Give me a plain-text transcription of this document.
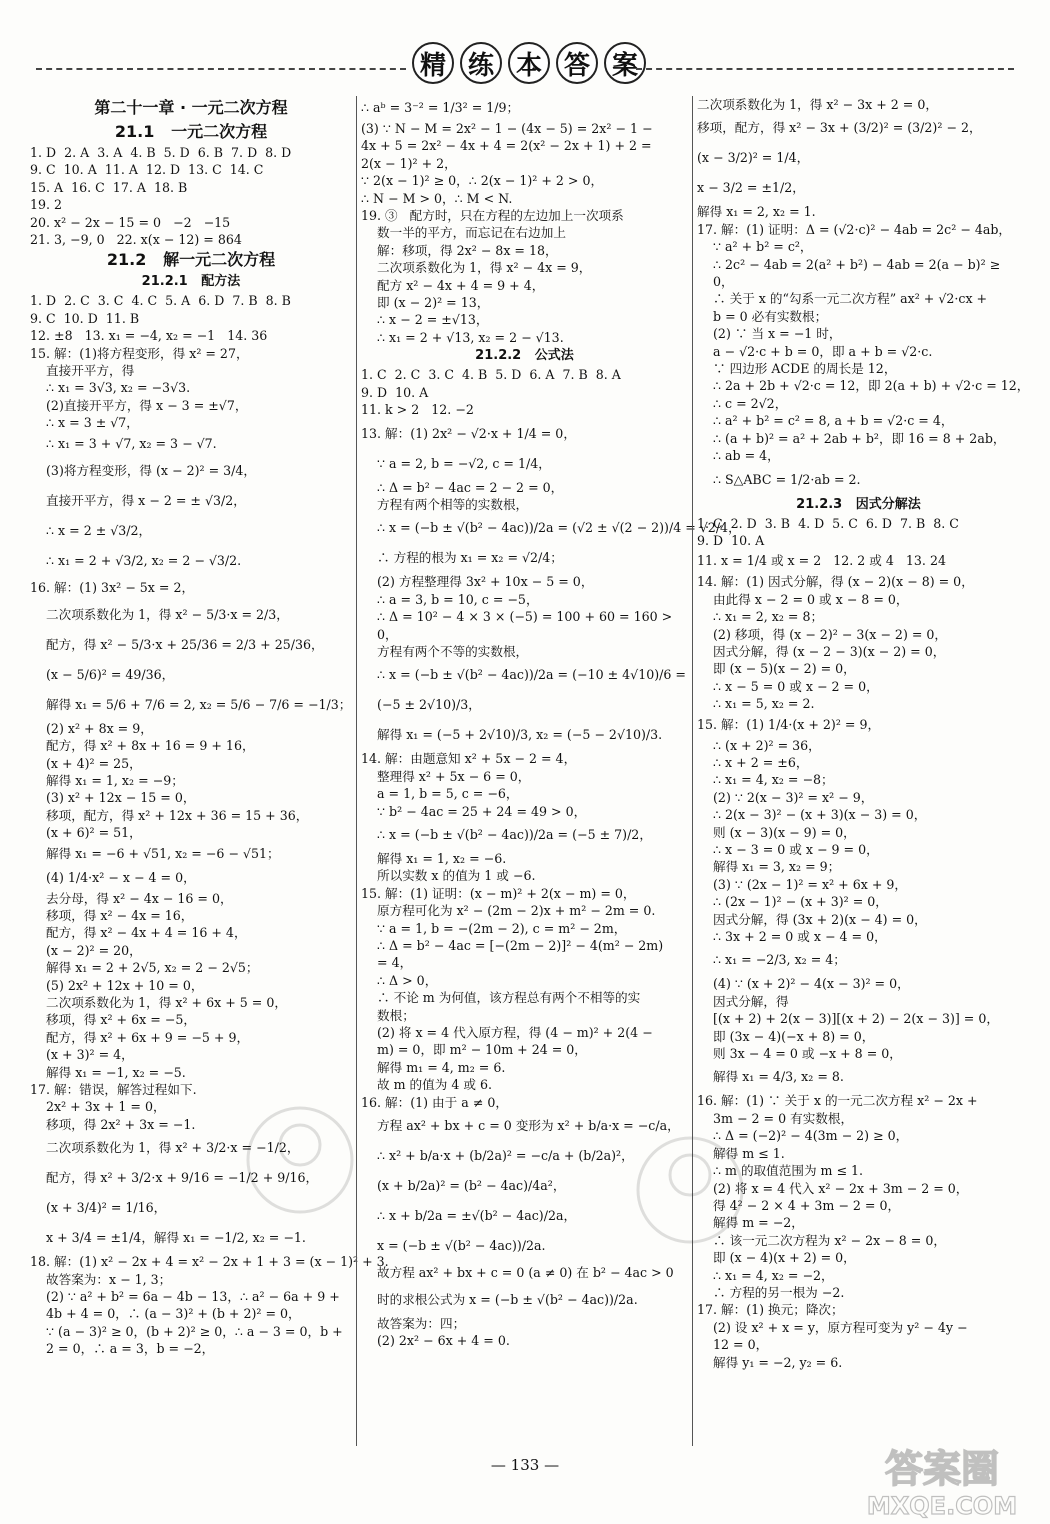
精 练 本 答 案
第二十一章 · 一元二次方程
21.1   一元二次方程
1. D  2. A  3. A  4. B  5. D  6. B  7. D  8. D
9. C  10. A  11. A  12. D  13. C  14. C
15. A  16. C  17. A  18. B
19. 2
20. x² − 2x − 15 = 0   −2   −15
21. 3, −9, 0   22. x(x − 12) = 864
21.2   解一元二次方程
21.2.1   配方法
1. D  2. C  3. C  4. C  5. A  6. D  7. B  8. B
9. C  10. D  11. B
12. ±8   13. x₁ = −4, x₂ = −1   14. 36
15. 解：(1)将方程变形，得 x² = 27，
直接开平方，得
∴ x₁ = 3√3, x₂ = −3√3.
(2)直接开平方，得 x − 3 = ±√7，
∴ x = 3 ± √7，
∴ x₁ = 3 + √7, x₂ = 3 − √7.
(3)将方程变形，得 (x − 2)² = 3/4，
直接开平方，得 x − 2 = ± √3/2，
∴ x = 2 ± √3/2，
∴ x₁ = 2 + √3/2, x₂ = 2 − √3/2.
16. 解：(1) 3x² − 5x = 2，
二次项系数化为 1，得 x² − 5/3·x = 2/3，
配方，得 x² − 5/3·x + 25/36 = 2/3 + 25/36，
(x − 5/6)² = 49/36，
解得 x₁ = 5/6 + 7/6 = 2, x₂ = 5/6 − 7/6 = −1/3；
(2) x² + 8x = 9，
配方，得 x² + 8x + 16 = 9 + 16，
(x + 4)² = 25，
解得 x₁ = 1, x₂ = −9；
(3) x² + 12x − 15 = 0，
移项，配方，得 x² + 12x + 36 = 15 + 36，
(x + 6)² = 51，
解得 x₁ = −6 + √51, x₂ = −6 − √51；
(4) 1/4·x² − x − 4 = 0，
去分母，得 x² − 4x − 16 = 0，
移项，得 x² − 4x = 16，
配方，得 x² − 4x + 4 = 16 + 4，
(x − 2)² = 20，
解得 x₁ = 2 + 2√5, x₂ = 2 − 2√5；
(5) 2x² + 12x + 10 = 0，
二次项系数化为 1，得 x² + 6x + 5 = 0，
移项，得 x² + 6x = −5，
配方，得 x² + 6x + 9 = −5 + 9，
(x + 3)² = 4，
解得 x₁ = −1, x₂ = −5.
17. 解：错误，解答过程如下.
2x² + 3x + 1 = 0，
移项，得 2x² + 3x = −1.
二次项系数化为 1，得 x² + 3/2·x = −1/2，
配方，得 x² + 3/2·x + 9/16 = −1/2 + 9/16，
(x + 3/4)² = 1/16，
x + 3/4 = ±1/4，解得 x₁ = −1/2, x₂ = −1.
18. 解：(1) x² − 2x + 4 = x² − 2x + 1 + 3 = (x − 1)² + 3.
故答案为：x − 1, 3；
(2) ∵ a² + b² = 6a − 4b − 13，∴ a² − 6a + 9 +
4b + 4 = 0，∴ (a − 3)² + (b + 2)² = 0，
∵ (a − 3)² ≥ 0，(b + 2)² ≥ 0，∴ a − 3 = 0，b +
2 = 0，∴ a = 3，b = −2，
∴ aᵇ = 3⁻² = 1/3² = 1/9；
(3) ∵ N − M = 2x² − 1 − (4x − 5) = 2x² − 1 −
4x + 5 = 2x² − 4x + 4 = 2(x² − 2x + 1) + 2 =
2(x − 1)² + 2，
∵ 2(x − 1)² ≥ 0，∴ 2(x − 1)² + 2 > 0，
∴ N − M > 0，∴ M < N.
19. ③   配方时，只在方程的左边加上一次项系
数一半的平方，而忘记在右边加上
解：移项，得 2x² − 8x = 18，
二次项系数化为 1，得 x² − 4x = 9，
配方 x² − 4x + 4 = 9 + 4，
即 (x − 2)² = 13，
∴ x − 2 = ±√13，
∴ x₁ = 2 + √13, x₂ = 2 − √13.
21.2.2   公式法
1. C  2. C  3. C  4. B  5. D  6. A  7. B  8. A
9. D  10. A
11. k > 2   12. −2
13. 解：(1) 2x² − √2·x + 1/4 = 0，
∵ a = 2, b = −√2, c = 1/4，
∴ Δ = b² − 4ac = 2 − 2 = 0，
方程有两个相等的实数根，
∴ x = (−b ± √(b² − 4ac))/2a = (√2 ± √(2 − 2))/4 = √2/4，
∴ 方程的根为 x₁ = x₂ = √2/4；
(2) 方程整理得 3x² + 10x − 5 = 0，
∴ a = 3, b = 10, c = −5，
∴ Δ = 10² − 4 × 3 × (−5) = 100 + 60 = 160 >
0，
方程有两个不等的实数根，
∴ x = (−b ± √(b² − 4ac))/2a = (−10 ± 4√10)/6 =
(−5 ± 2√10)/3，
解得 x₁ = (−5 + 2√10)/3, x₂ = (−5 − 2√10)/3.
14. 解：由题意知 x² + 5x − 2 = 4，
整理得 x² + 5x − 6 = 0，
a = 1, b = 5, c = −6，
∵ b² − 4ac = 25 + 24 = 49 > 0，
∴ x = (−b ± √(b² − 4ac))/2a = (−5 ± 7)/2，
解得 x₁ = 1, x₂ = −6.
所以实数 x 的值为 1 或 −6.
15. 解：(1) 证明：(x − m)² + 2(x − m) = 0，
原方程可化为 x² − (2m − 2)x + m² − 2m = 0.
∵ a = 1, b = −(2m − 2), c = m² − 2m，
∴ Δ = b² − 4ac = [−(2m − 2)]² − 4(m² − 2m)
= 4，
∴ Δ > 0，
∴ 不论 m 为何值，该方程总有两个不相等的实
数根；
(2) 将 x = 4 代入原方程，得 (4 − m)² + 2(4 −
m) = 0，即 m² − 10m + 24 = 0，
解得 m₁ = 4, m₂ = 6.
故 m 的值为 4 或 6.
16. 解：(1) 由于 a ≠ 0，
方程 ax² + bx + c = 0 变形为 x² + b/a·x = −c/a，
∴ x² + b/a·x + (b/2a)² = −c/a + (b/2a)²，
(x + b/2a)² = (b² − 4ac)/4a²，
∴ x + b/2a = ±√(b² − 4ac)/2a，
x = (−b ± √(b² − 4ac))/2a.
故方程 ax² + bx + c = 0 (a ≠ 0) 在 b² − 4ac > 0
时的求根公式为 x = (−b ± √(b² − 4ac))/2a.
故答案为：四；
(2) 2x² − 6x + 4 = 0.
二次项系数化为 1，得 x² − 3x + 2 = 0，
移项，配方，得 x² − 3x + (3/2)² = (3/2)² − 2，
(x − 3/2)² = 1/4，
x − 3/2 = ±1/2，
解得 x₁ = 2, x₂ = 1.
17. 解：(1) 证明：Δ = (√2·c)² − 4ab = 2c² − 4ab，
∵ a² + b² = c²，
∴ 2c² − 4ab = 2(a² + b²) − 4ab = 2(a − b)² ≥
0，
∴ 关于 x 的“勾系一元二次方程” ax² + √2·cx +
b = 0 必有实数根；
(2) ∵ 当 x = −1 时，
a − √2·c + b = 0，即 a + b = √2·c.
∵ 四边形 ACDE 的周长是 12，
∴ 2a + 2b + √2·c = 12，即 2(a + b) + √2·c = 12，
∴ c = 2√2，
∴ a² + b² = c² = 8, a + b = √2·c = 4，
∴ (a + b)² = a² + 2ab + b²，即 16 = 8 + 2ab，
∴ ab = 4，
∴ S△ABC = 1/2·ab = 2.
21.2.3   因式分解法
1. C  2. D  3. B  4. D  5. C  6. D  7. B  8. C
9. D  10. A
11. x = 1/4 或 x = 2   12. 2 或 4   13. 24
14. 解：(1) 因式分解，得 (x − 2)(x − 8) = 0，
由此得 x − 2 = 0 或 x − 8 = 0，
∴ x₁ = 2, x₂ = 8；
(2) 移项，得 (x − 2)² − 3(x − 2) = 0，
因式分解，得 (x − 2 − 3)(x − 2) = 0，
即 (x − 5)(x − 2) = 0，
∴ x − 5 = 0 或 x − 2 = 0，
∴ x₁ = 5, x₂ = 2.
15. 解：(1) 1/4·(x + 2)² = 9，
∴ (x + 2)² = 36，
∴ x + 2 = ±6，
∴ x₁ = 4, x₂ = −8；
(2) ∵ 2(x − 3)² = x² − 9，
∴ 2(x − 3)² − (x + 3)(x − 3) = 0，
则 (x − 3)(x − 9) = 0，
∴ x − 3 = 0 或 x − 9 = 0，
解得 x₁ = 3, x₂ = 9；
(3) ∵ (2x − 1)² = x² + 6x + 9，
∴ (2x − 1)² − (x + 3)² = 0，
因式分解，得 (3x + 2)(x − 4) = 0，
∴ 3x + 2 = 0 或 x − 4 = 0，
∴ x₁ = −2/3, x₂ = 4；
(4) ∵ (x + 2)² − 4(x − 3)² = 0，
因式分解，得
[(x + 2) + 2(x − 3)][(x + 2) − 2(x − 3)] = 0，
即 (3x − 4)(−x + 8) = 0，
则 3x − 4 = 0 或 −x + 8 = 0，
解得 x₁ = 4/3, x₂ = 8.
16. 解：(1) ∵ 关于 x 的一元二次方程 x² − 2x +
3m − 2 = 0 有实数根，
∴ Δ = (−2)² − 4(3m − 2) ≥ 0，
解得 m ≤ 1.
∴ m 的取值范围为 m ≤ 1.
(2) 将 x = 4 代入 x² − 2x + 3m − 2 = 0，
得 4² − 2 × 4 + 3m − 2 = 0，
解得 m = −2，
∴ 该一元二次方程为 x² − 2x − 8 = 0，
即 (x − 4)(x + 2) = 0，
∴ x₁ = 4, x₂ = −2，
∴ 方程的另一根为 −2.
17. 解：(1) 换元；降次；
(2) 设 x² + x = y，原方程可变为 y² − 4y −
12 = 0，
解得 y₁ = −2, y₂ = 6.
— 133 —	答案圈
MXQE.COM
